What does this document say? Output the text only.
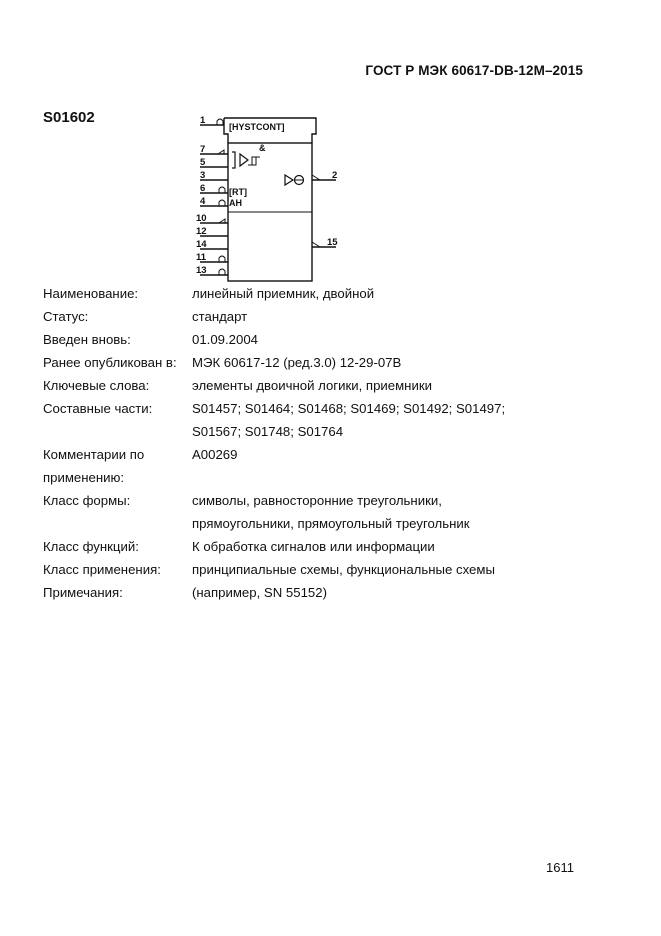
ГОСТ Р МЭК 60617-DB-12M–2015
S01602	1
7
5
3
6
4
10
12
14
11
13
2
15
[HYSTCONT]
&
[RT]
AH
Наименование:	линейный приемник, двойной
Статус:	стандарт
Введен вновь:	01.09.2004
Ранее опубликован в:	МЭК 60617-12 (ред.3.0) 12-29-07В
Ключевые слова:	элементы двоичной логики, приемники
Составные части:	S01457; S01464; S01468; S01469; S01492; S01497;
S01567; S01748; S01764
Комментарии по применению:
A00269
Класс формы:	символы, равносторонние треугольники,
прямоугольники, прямоугольный треугольник
Класс функций:	К обработка сигналов или информации
Класс применения:	принципиальные схемы, функциональные схемы
Примечания:	(например, SN 55152)
1611
